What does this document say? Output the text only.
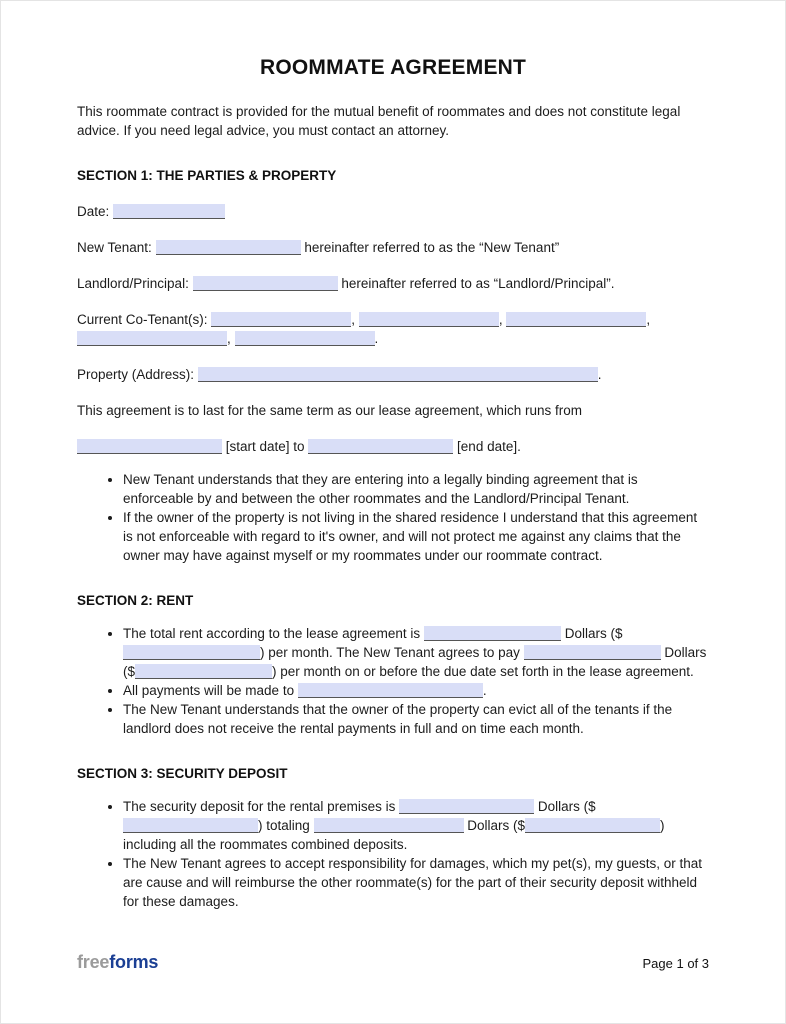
ROOMMATE AGREEMENT

This roommate contract is provided for the mutual benefit of roommates and does not constitute legal advice. If you need legal advice, you must contact an attorney.

SECTION 1: THE PARTIES & PROPERTY

Date:

New Tenant:	hereinafter referred to as the “New Tenant”

Landlord/Principal:	hereinafter referred to as “Landlord/Principal”.

Current Co-Tenant(s):	,	,	, ,	.

Property (Address):	.

This agreement is to last for the same term as our lease agreement, which runs from

[start date] to	[end date].

• New Tenant understands that they are entering into a legally binding agreement that is enforceable by and between the other roommates and the Landlord/Principal Tenant.
• If the owner of the property is not living in the shared residence I understand that this agreement is not enforceable with regard to it's owner, and will not protect me against any claims that the owner may have against myself or my roommates under our roommate contract.

SECTION 2: RENT

• The total rent according to the lease agreement is	Dollars ($) per month. The New Tenant agrees to pay	Dollars ($	) per month on or before the due date set forth in the lease agreement.
• All payments will be made to	.
• The New Tenant understands that the owner of the property can evict all of the tenants if the landlord does not receive the rental payments in full and on time each month.

SECTION 3: SECURITY DEPOSIT

• The security deposit for the rental premises is	Dollars ($) totaling	Dollars ($	) including all the roommates combined deposits.
• The New Tenant agrees to accept responsibility for damages, which my pet(s), my guests, or that are cause and will reimburse the other roommate(s) for the part of their security deposit withheld for these damages.
freeforms	Page 1 of 3
